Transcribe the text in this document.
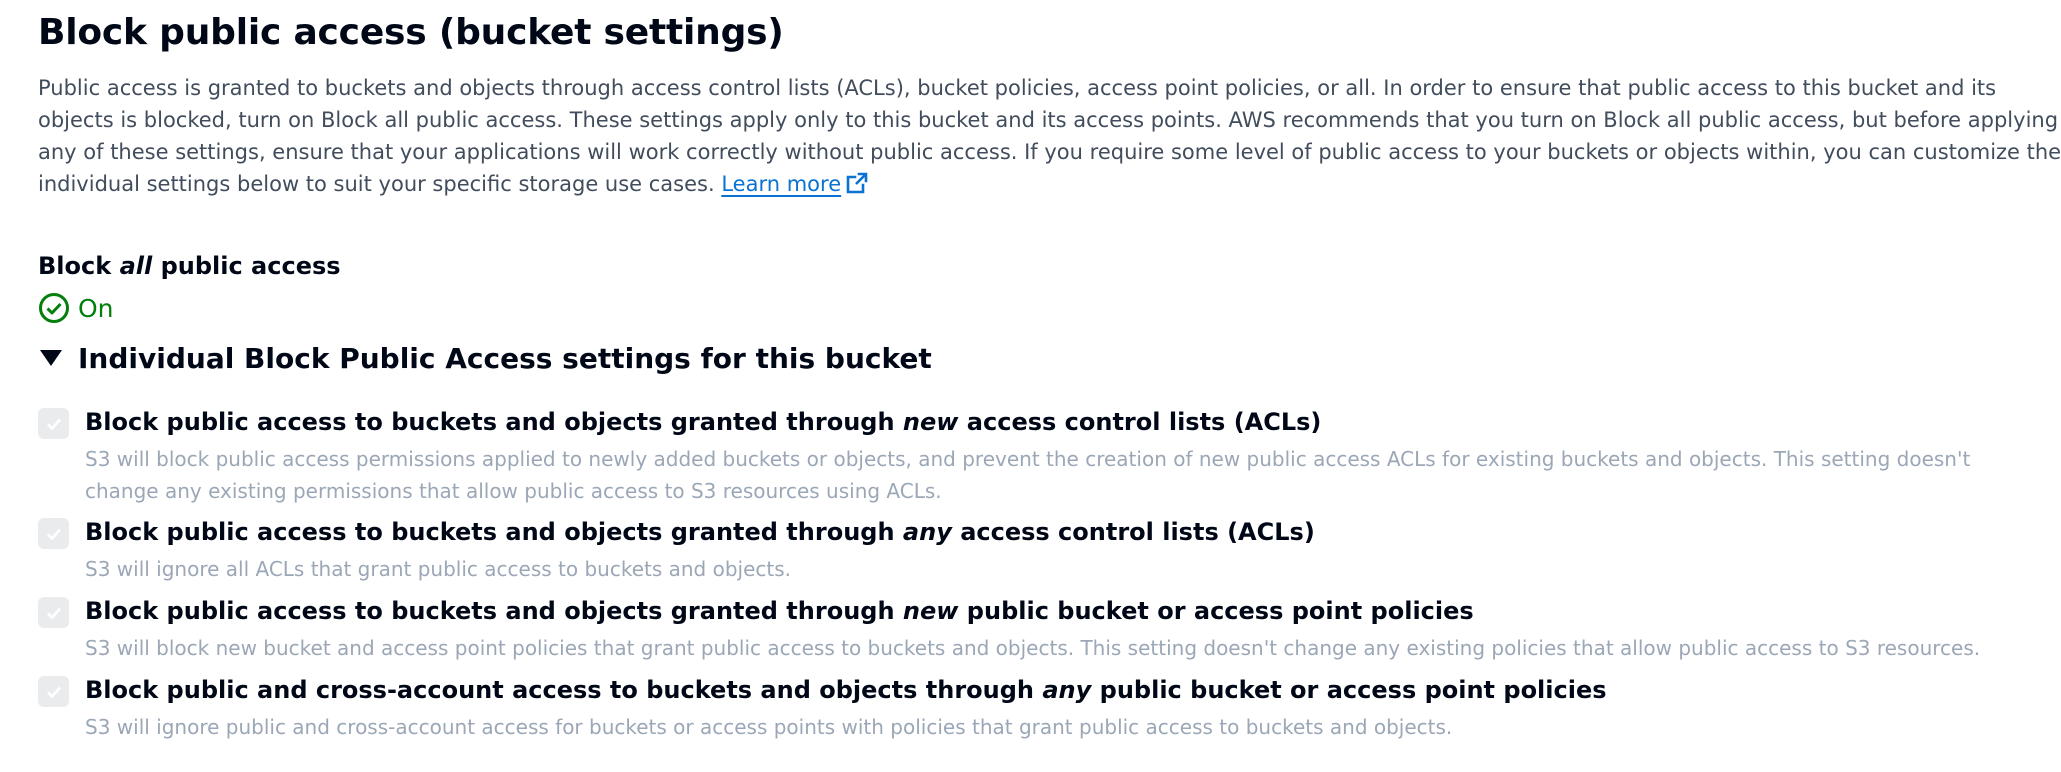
Block public access (bucket settings)
Public access is granted to buckets and objects through access control lists (ACLs), bucket policies, access point policies, or all. In order to ensure that public access to this bucket and its
objects is blocked, turn on Block all public access. These settings apply only to this bucket and its access points. AWS recommends that you turn on Block all public access, but before applying
any of these settings, ensure that your applications will work correctly without public access. If you require some level of public access to your buckets or objects within, you can customize the
individual settings below to suit your specific storage use cases. Learn more
Block all public access
On
Individual Block Public Access settings for this bucket
Block public access to buckets and objects granted through new access control lists (ACLs)
S3 will block public access permissions applied to newly added buckets or objects, and prevent the creation of new public access ACLs for existing buckets and objects. This setting doesn't
change any existing permissions that allow public access to S3 resources using ACLs.
Block public access to buckets and objects granted through any access control lists (ACLs)
S3 will ignore all ACLs that grant public access to buckets and objects.
Block public access to buckets and objects granted through new public bucket or access point policies
S3 will block new bucket and access point policies that grant public access to buckets and objects. This setting doesn't change any existing policies that allow public access to S3 resources.
Block public and cross-account access to buckets and objects through any public bucket or access point policies
S3 will ignore public and cross-account access for buckets or access points with policies that grant public access to buckets and objects.
